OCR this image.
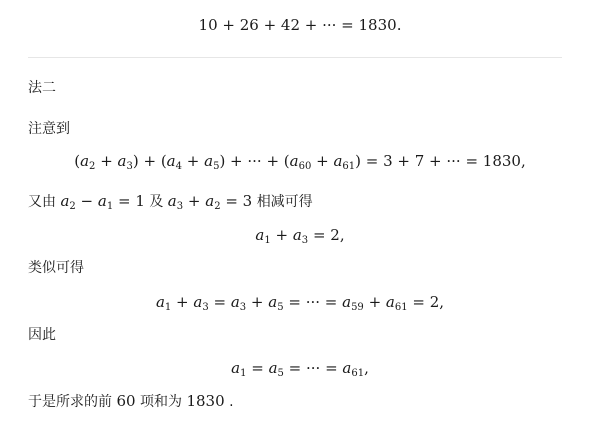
10 + 26 + 42 + ··· = 1830.
法二
注意到
$(a_2 + a_3) + (a_4 + a_5)$ + ··· + $(a_{60} + a_{61}) = 3 + 7$ + ··· = 1830,
又由 $a_2 - a_1 = 1$ 及 $a_3 + a_2 = 3$ 相减可得
$a_1 + a_3 = 2$,
类似可得
$a_1 + a_3 = a_3 + a_5$ = ··· = $a_{59} + a_{61} = 2$,
因此
$a_1 = a_5$ = ··· = $a_{61}$,
于是所求的前 60 项和为 1830 .
